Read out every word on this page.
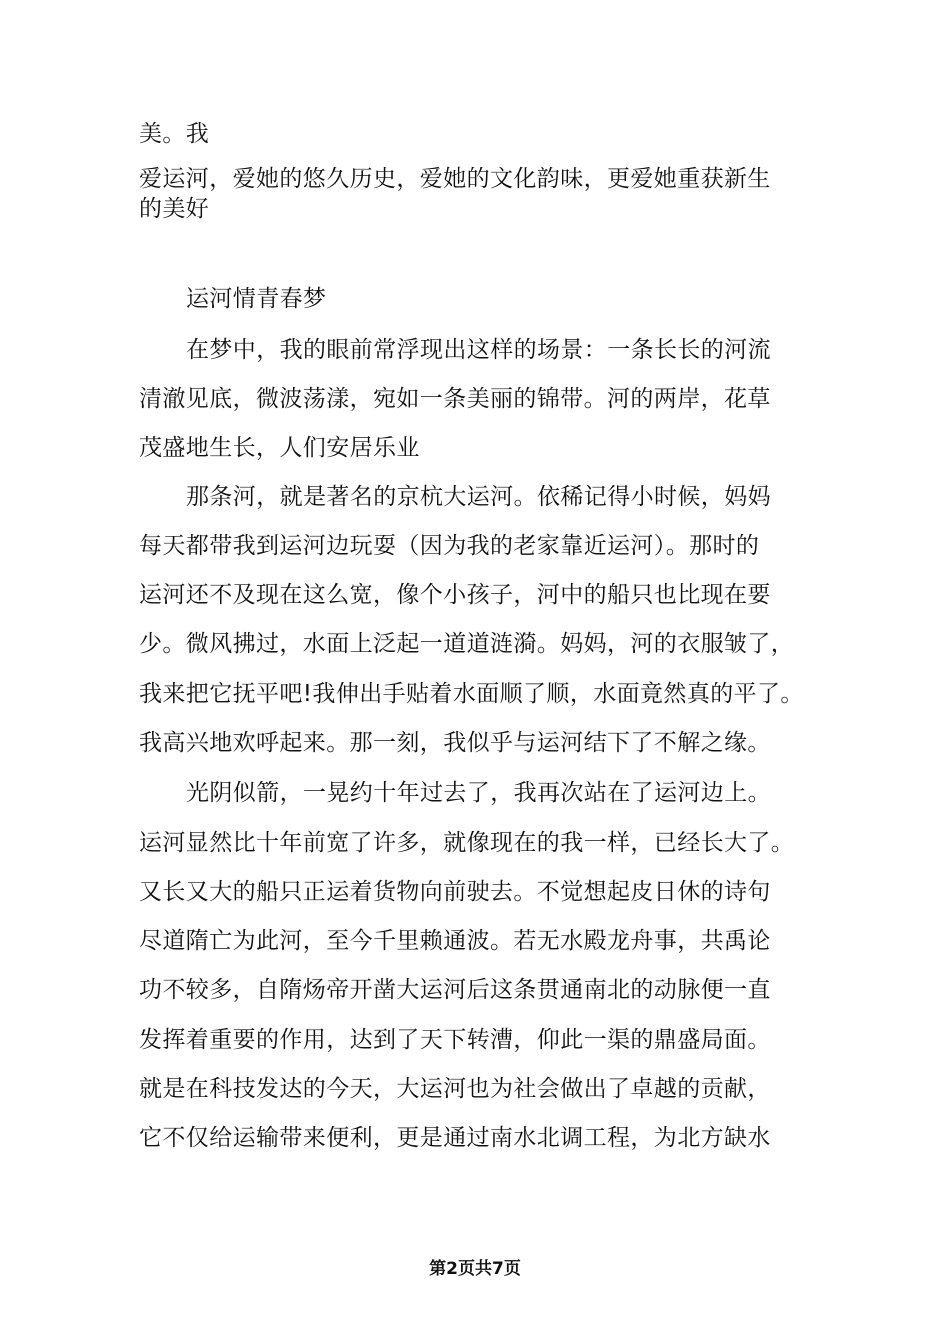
美。我
爱运河，爱她的悠久历史，爱她的文化韵味，更爱她重获新生
的美好
运河情青春梦
在梦中，我的眼前常浮现出这样的场景：一条长长的河流
清澈见底，微波荡漾，宛如一条美丽的锦带。河的两岸，花草
茂盛地生长，人们安居乐业
那条河，就是著名的京杭大运河。依稀记得小时候，妈妈
每天都带我到运河边玩耍（因为我的老家靠近运河）。那时的
运河还不及现在这么宽，像个小孩子，河中的船只也比现在要
少。微风拂过，水面上泛起一道道涟漪。妈妈，河的衣服皱了，
我来把它抚平吧!我伸出手贴着水面顺了顺，水面竟然真的平了。
我高兴地欢呼起来。那一刻，我似乎与运河结下了不解之缘。
光阴似箭，一晃约十年过去了，我再次站在了运河边上。
运河显然比十年前宽了许多，就像现在的我一样，已经长大了。
又长又大的船只正运着货物向前驶去。不觉想起皮日休的诗句
尽道隋亡为此河，至今千里赖通波。若无水殿龙舟事，共禹论
功不较多，自隋炀帝开凿大运河后这条贯通南北的动脉便一直
发挥着重要的作用，达到了天下转漕，仰此一渠的鼎盛局面。
就是在科技发达的今天，大运河也为社会做出了卓越的贡献，
它不仅给运输带来便利，更是通过南水北调工程，为北方缺水
第2页共7页
